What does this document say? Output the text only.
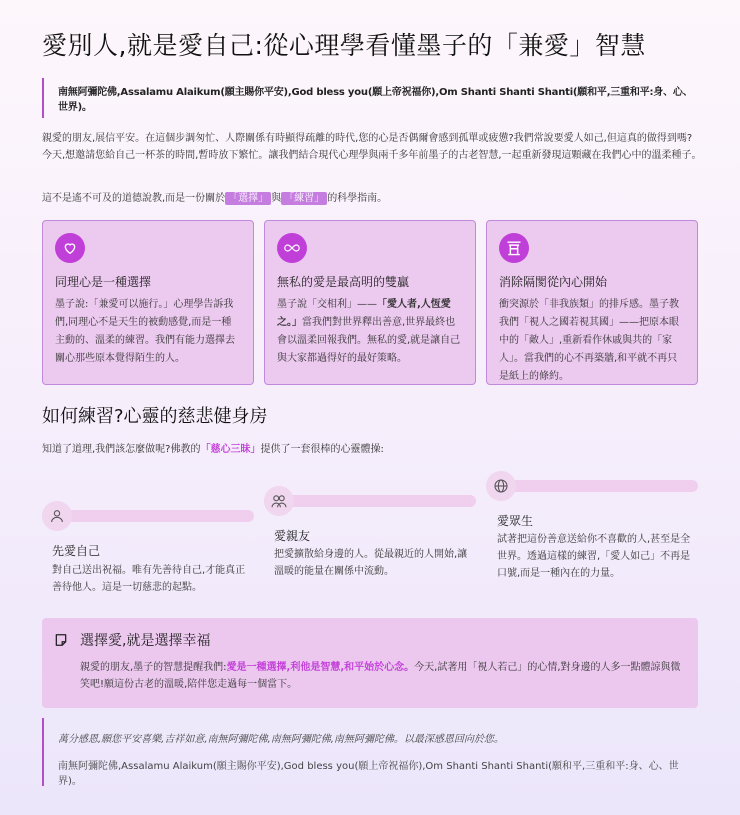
愛別人,就是愛自己:從心理學看懂墨子的「兼愛」智慧
南無阿彌陀佛,Assalamu Alaikum(願主賜你平安),God bless you(願上帝祝福你),Om Shanti Shanti Shanti(願和平,三重和平:身、心、世界)。

親愛的朋友,展信平安。在這個步調匆忙、人際關係有時顯得疏離的時代,您的心是否偶爾會感到孤單或疲憊?我們常說要愛人如己,但這真的做得到嗎?今天,想邀請您給自己一杯茶的時間,暫時放下繁忙。讓我們結合現代心理學與兩千多年前墨子的古老智慧,一起重新發現這顆藏在我們心中的溫柔種子。

這不是遙不可及的道德說教,而是一份關於 「選擇」 與 「練習」 的科學指南。

同理心是一種選擇
墨子說:「兼愛可以施行。」心理學告訴我們,同理心不是天生的被動感覺,而是一種主動的、溫柔的練習。我們有能力選擇去關心那些原本覺得陌生的人。
無私的愛是最高明的雙贏
墨子說「交相利」——「愛人者,人恆愛之。」當我們對世界釋出善意,世界最終也會以溫柔回報我們。無私的愛,就是讓自己與大家都過得好的最好策略。
消除隔閡從內心開始
衝突源於「非我族類」的排斥感。墨子教我們「視人之國若視其國」——把原本眼中的「敵人」,重新看作休戚與共的「家人」。當我們的心不再築牆,和平就不再只是紙上的條約。
如何練習?心靈的慈悲健身房

知道了道理,我們該怎麼做呢?佛教的「慈心三昧」提供了一套很棒的心靈體操:

先愛自己
對自己送出祝福。唯有先善待自己,才能真正善待他人。這是一切慈悲的起點。
愛親友
把愛擴散給身邊的人。從最親近的人開始,讓溫暖的能量在關係中流動。
愛眾生
試著把這份善意送給你不喜歡的人,甚至是全世界。透過這樣的練習,「愛人如己」不再是口號,而是一種內在的力量。
選擇愛,就是選擇幸福
親愛的朋友,墨子的智慧提醒我們:愛是一種選擇,利他是智慧,和平始於心念。今天,試著用「視人若己」的心情,對身邊的人多一點體諒與微笑吧!願這份古老的溫暖,陪伴您走過每一個當下。
萬分感恩,願您平安喜樂,吉祥如意,南無阿彌陀佛,南無阿彌陀佛,南無阿彌陀佛。以最深感恩回向於您。
南無阿彌陀佛,Assalamu Alaikum(願主賜你平安),God bless you(願上帝祝福你),Om Shanti Shanti Shanti(願和平,三重和平:身、心、世界)。
